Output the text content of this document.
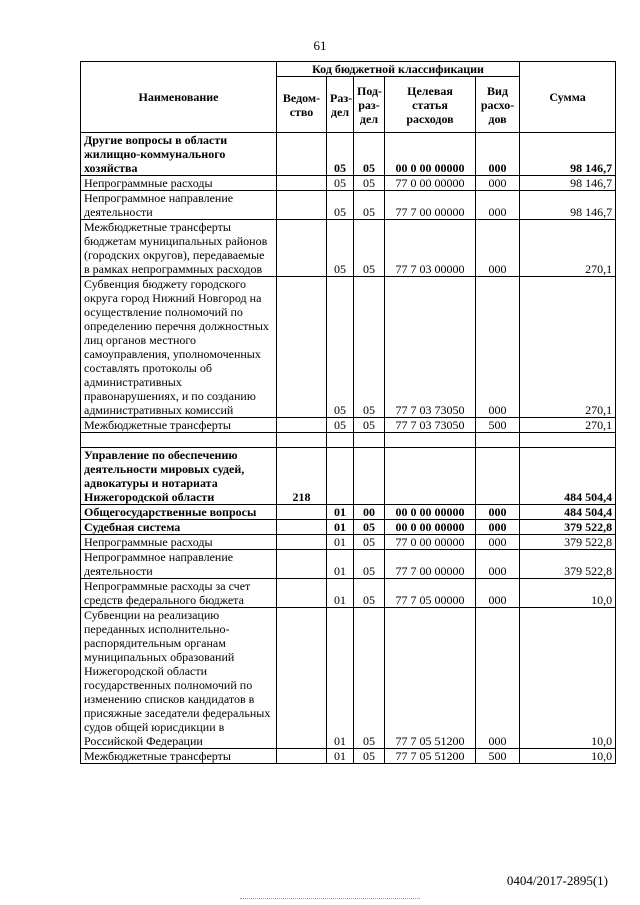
61
Наименование	Код бюджетной классификации					Сумма
	Ведом-ство	Раз-дел	Под-раз-дел	Целевая статья расходов	Вид расхо-дов	
Другие вопросы в области жилищно-коммунального хозяйства		05	05	00 0 00 00000	000	98 146,7
Непрограммные расходы		05	05	77 0 00 00000	000	98 146,7
Непрограммное направление деятельности		05	05	77 7 00 00000	000	98 146,7
Межбюджетные трансферты бюджетам муниципальных районов (городских округов), передаваемые в рамках непрограммных расходов		05	05	77 7 03 00000	000	270,1
Субвенция бюджету городского округа город Нижний Новгород на осуществление полномочий по определению перечня должностных лиц органов местного самоуправления, уполномоченных составлять протоколы об административных правонарушениях, и по созданию административных комиссий		05	05	77 7 03 73050	000	270,1
Межбюджетные трансферты		05	05	77 7 03 73050	500	270,1

Управление по обеспечению деятельности мировых судей, адвокатуры и нотариата Нижегородской области	218					484 504,4
Общегосударственные вопросы		01	00	00 0 00 00000	000	484 504,4
Судебная система		01	05	00 0 00 00000	000	379 522,8
Непрограммные расходы		01	05	77 0 00 00000	000	379 522,8
Непрограммное направление деятельности		01	05	77 7 00 00000	000	379 522,8
Непрограммные расходы за счет средств федерального бюджета		01	05	77 7 05 00000	000	10,0
Субвенции на реализацию переданных исполнительно-распорядительным органам муниципальных образований Нижегородской области государственных полномочий по изменению списков кандидатов в присяжные заседатели федеральных судов общей юрисдикции в Российской Федерации		01	05	77 7 05 51200	000	10,0
Межбюджетные трансферты		01	05	77 7 05 51200	500	10,0
0404/2017-2895(1)
